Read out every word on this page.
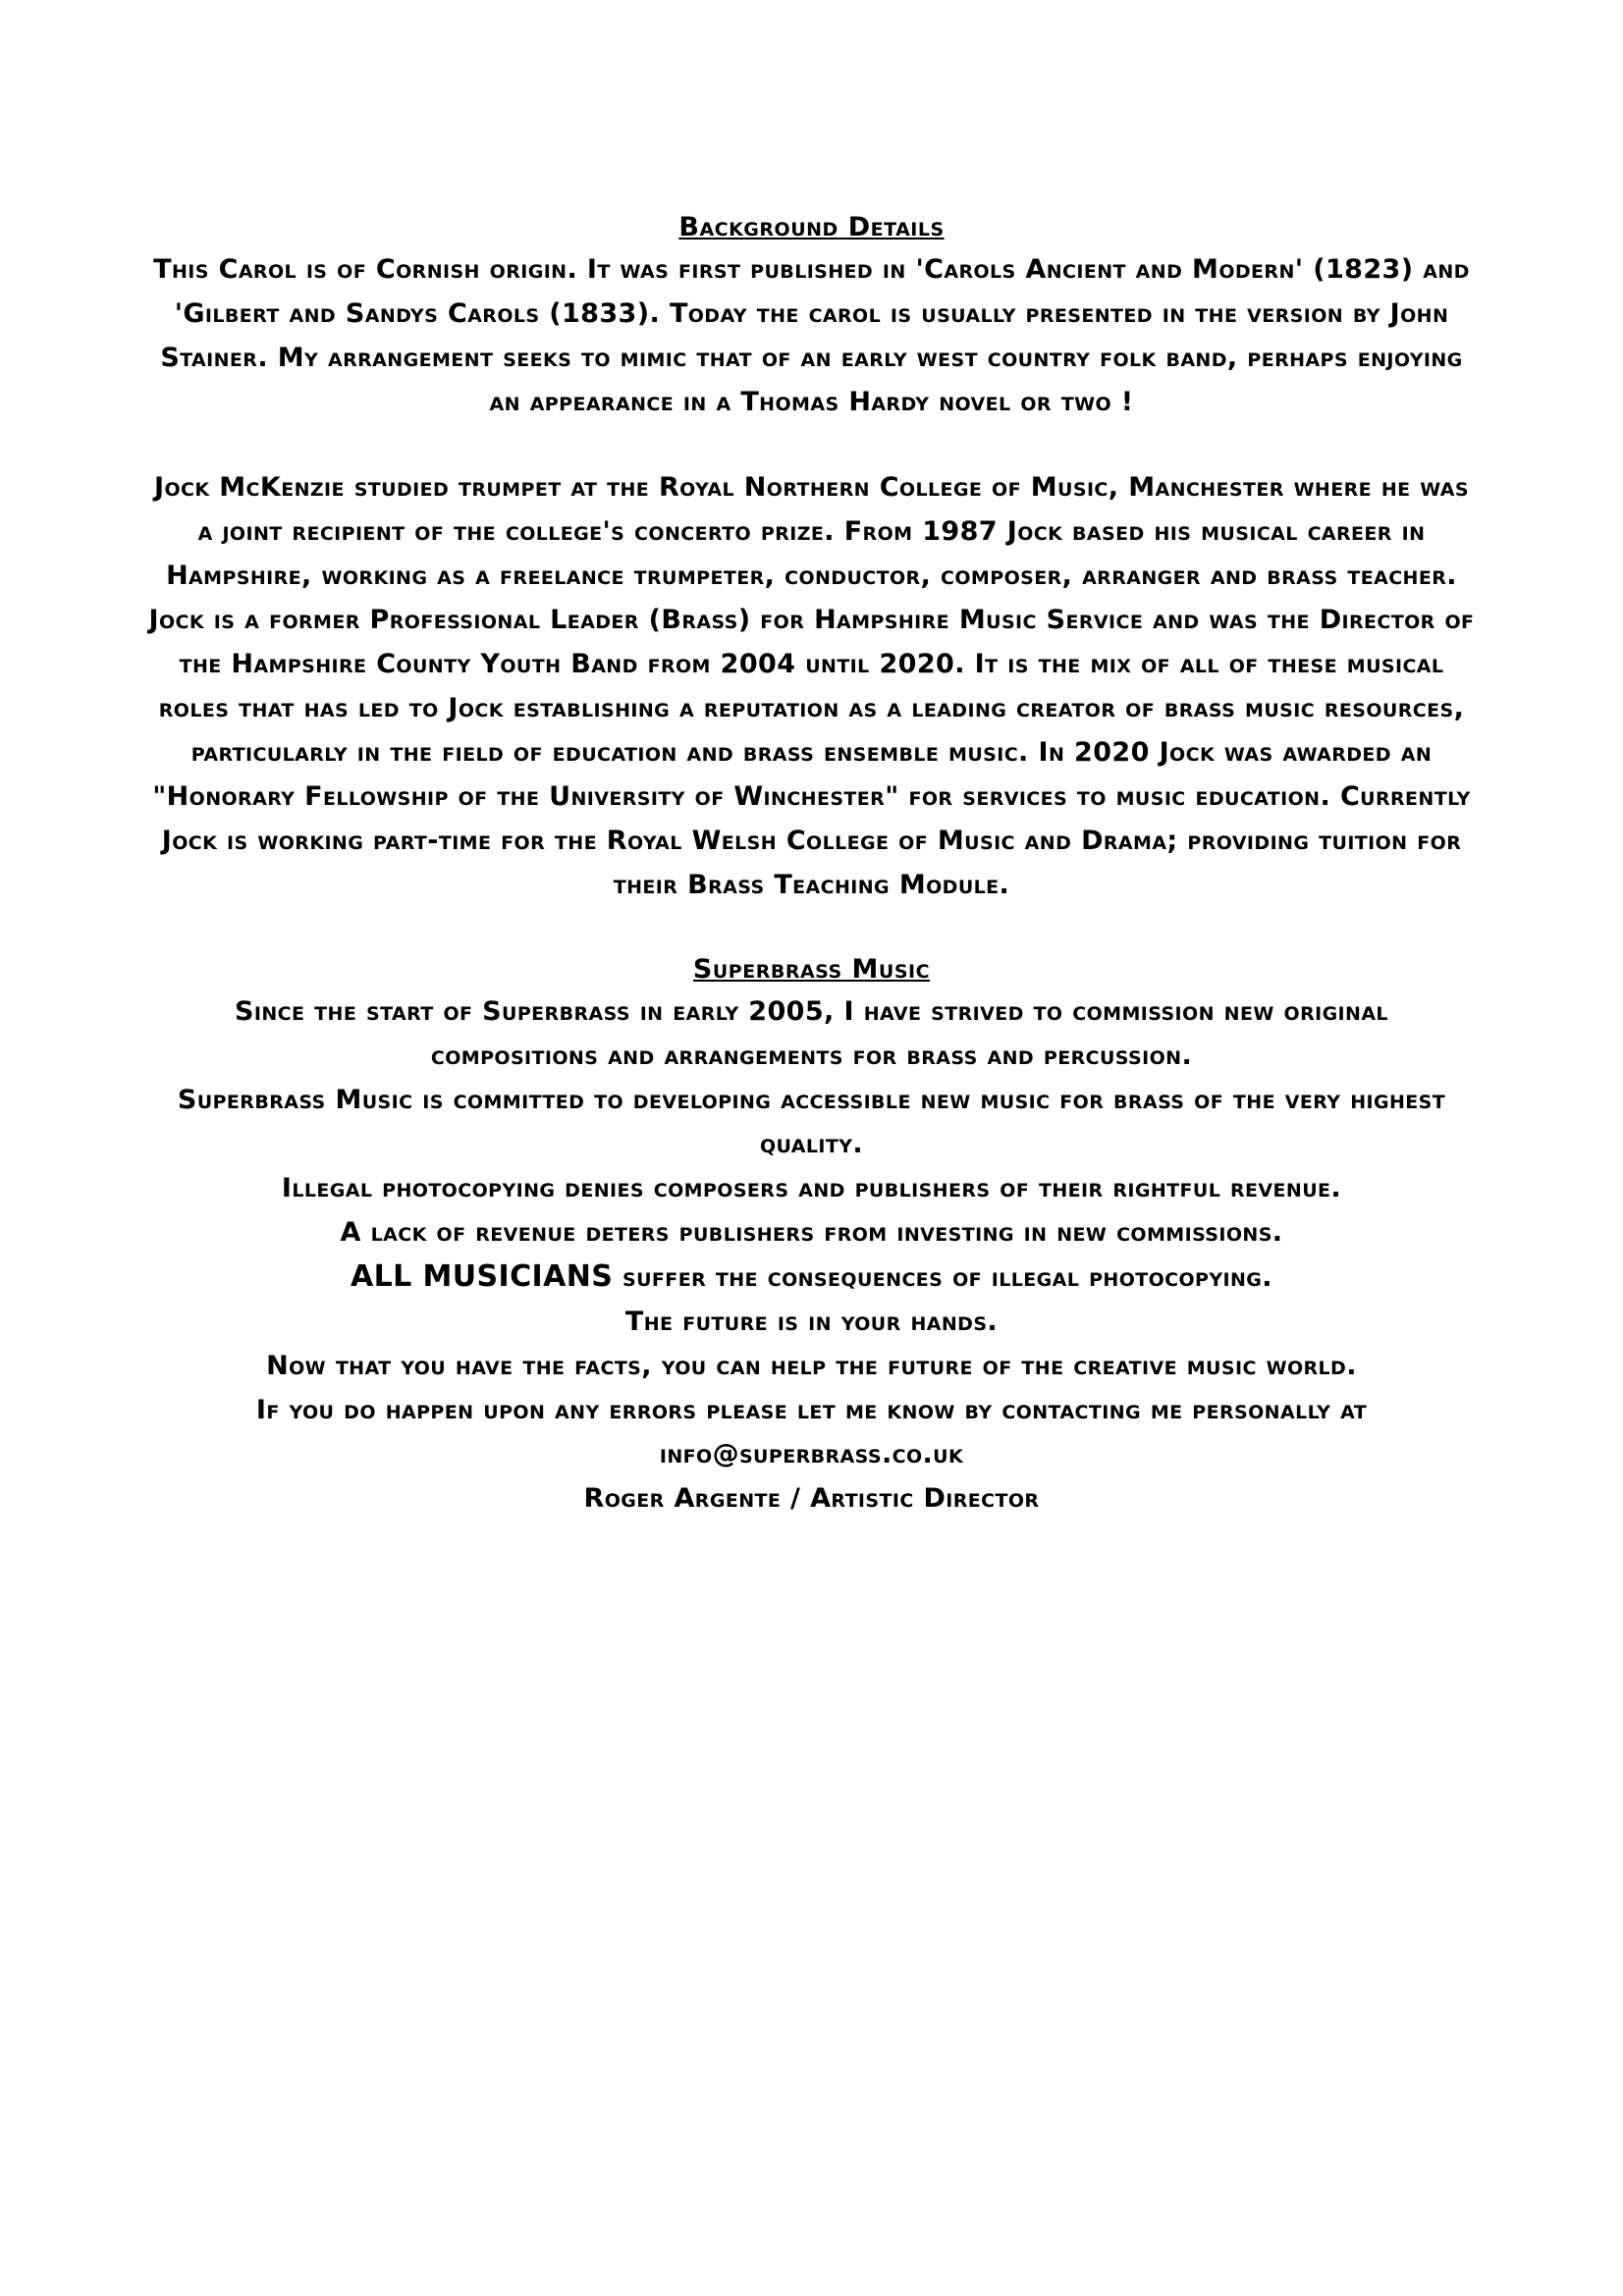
Background Details

This Carol is of Cornish origin. It was first published in 'Carols Ancient and Modern' (1823) and 'Gilbert and Sandys Carols (1833). Today the carol is usually presented in the version by John Stainer. My arrangement seeks to mimic that of an early west country folk band, perhaps enjoying an appearance in a Thomas Hardy novel or two !

Jock McKenzie studied trumpet at the Royal Northern College of Music, Manchester where he was a joint recipient of the college's concerto prize. From 1987 Jock based his musical career in Hampshire, working as a freelance trumpeter, conductor, composer, arranger and brass teacher. Jock is a former Professional Leader (Brass) for Hampshire Music Service and was the Director of the Hampshire County Youth Band from 2004 until 2020. It is the mix of all of these musical roles that has led to Jock establishing a reputation as a leading creator of brass music resources, particularly in the field of education and brass ensemble music. In 2020 Jock was awarded an "Honorary Fellowship of the University of Winchester" for services to music education. Currently Jock is working part-time for the Royal Welsh College of Music and Drama; providing tuition for their Brass Teaching Module.

Superbrass Music

Since the start of Superbrass in early 2005, I have strived to commission new original compositions and arrangements for brass and percussion.

Superbrass Music is committed to developing accessible new music for brass of the very highest quality.

Illegal photocopying denies composers and publishers of their rightful revenue.
A lack of revenue deters publishers from investing in new commissions.
ALL MUSICIANS suffer the consequences of illegal photocopying.
The future is in your hands.
Now that you have the facts, you can help the future of the creative music world.
If you do happen upon any errors please let me know by contacting me personally at
info@superbrass.co.uk
Roger Argente / Artistic Director
